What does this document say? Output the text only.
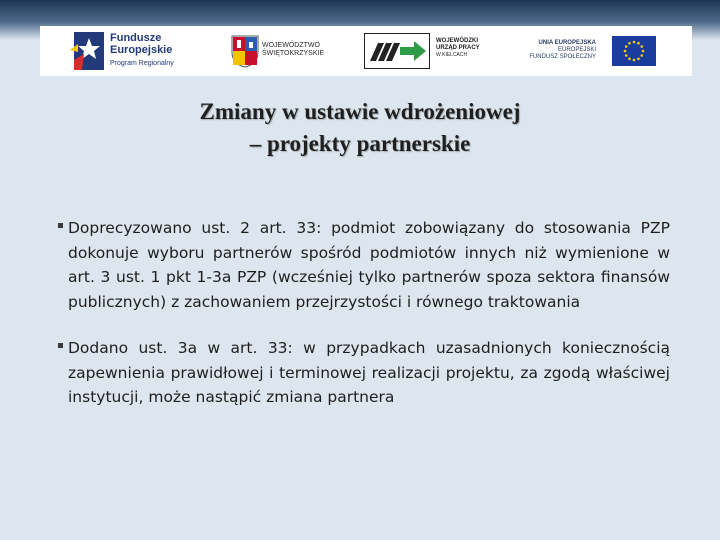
Fundusze
Europejskie
Program Regionalny
WOJEWÓDZTWO
ŚWIĘTOKRZYSKIE
WOJEWÓDZKI
URZĄD PRACY
W KIELCACH
UNIA EUROPEJSKA
EUROPEJSKI
FUNDUSZ SPOŁECZNY
Zmiany w ustawie wdrożeniowej
– projekty partnerskie
Doprecyzowano ust. 2 art. 33: podmiot zobowiązany do stosowania PZP dokonuje wyboru partnerów spośród podmiotów innych niż wymienione w art. 3 ust. 1 pkt 1-3a PZP (wcześniej tylko partnerów spoza sektora finansów publicznych) z zachowaniem przejrzystości i równego traktowania
Dodano ust. 3a w art. 33: w przypadkach uzasadnionych koniecznością zapewnienia prawidłowej i terminowej realizacji projektu, za zgodą właściwej instytucji, może nastąpić zmiana partnera
